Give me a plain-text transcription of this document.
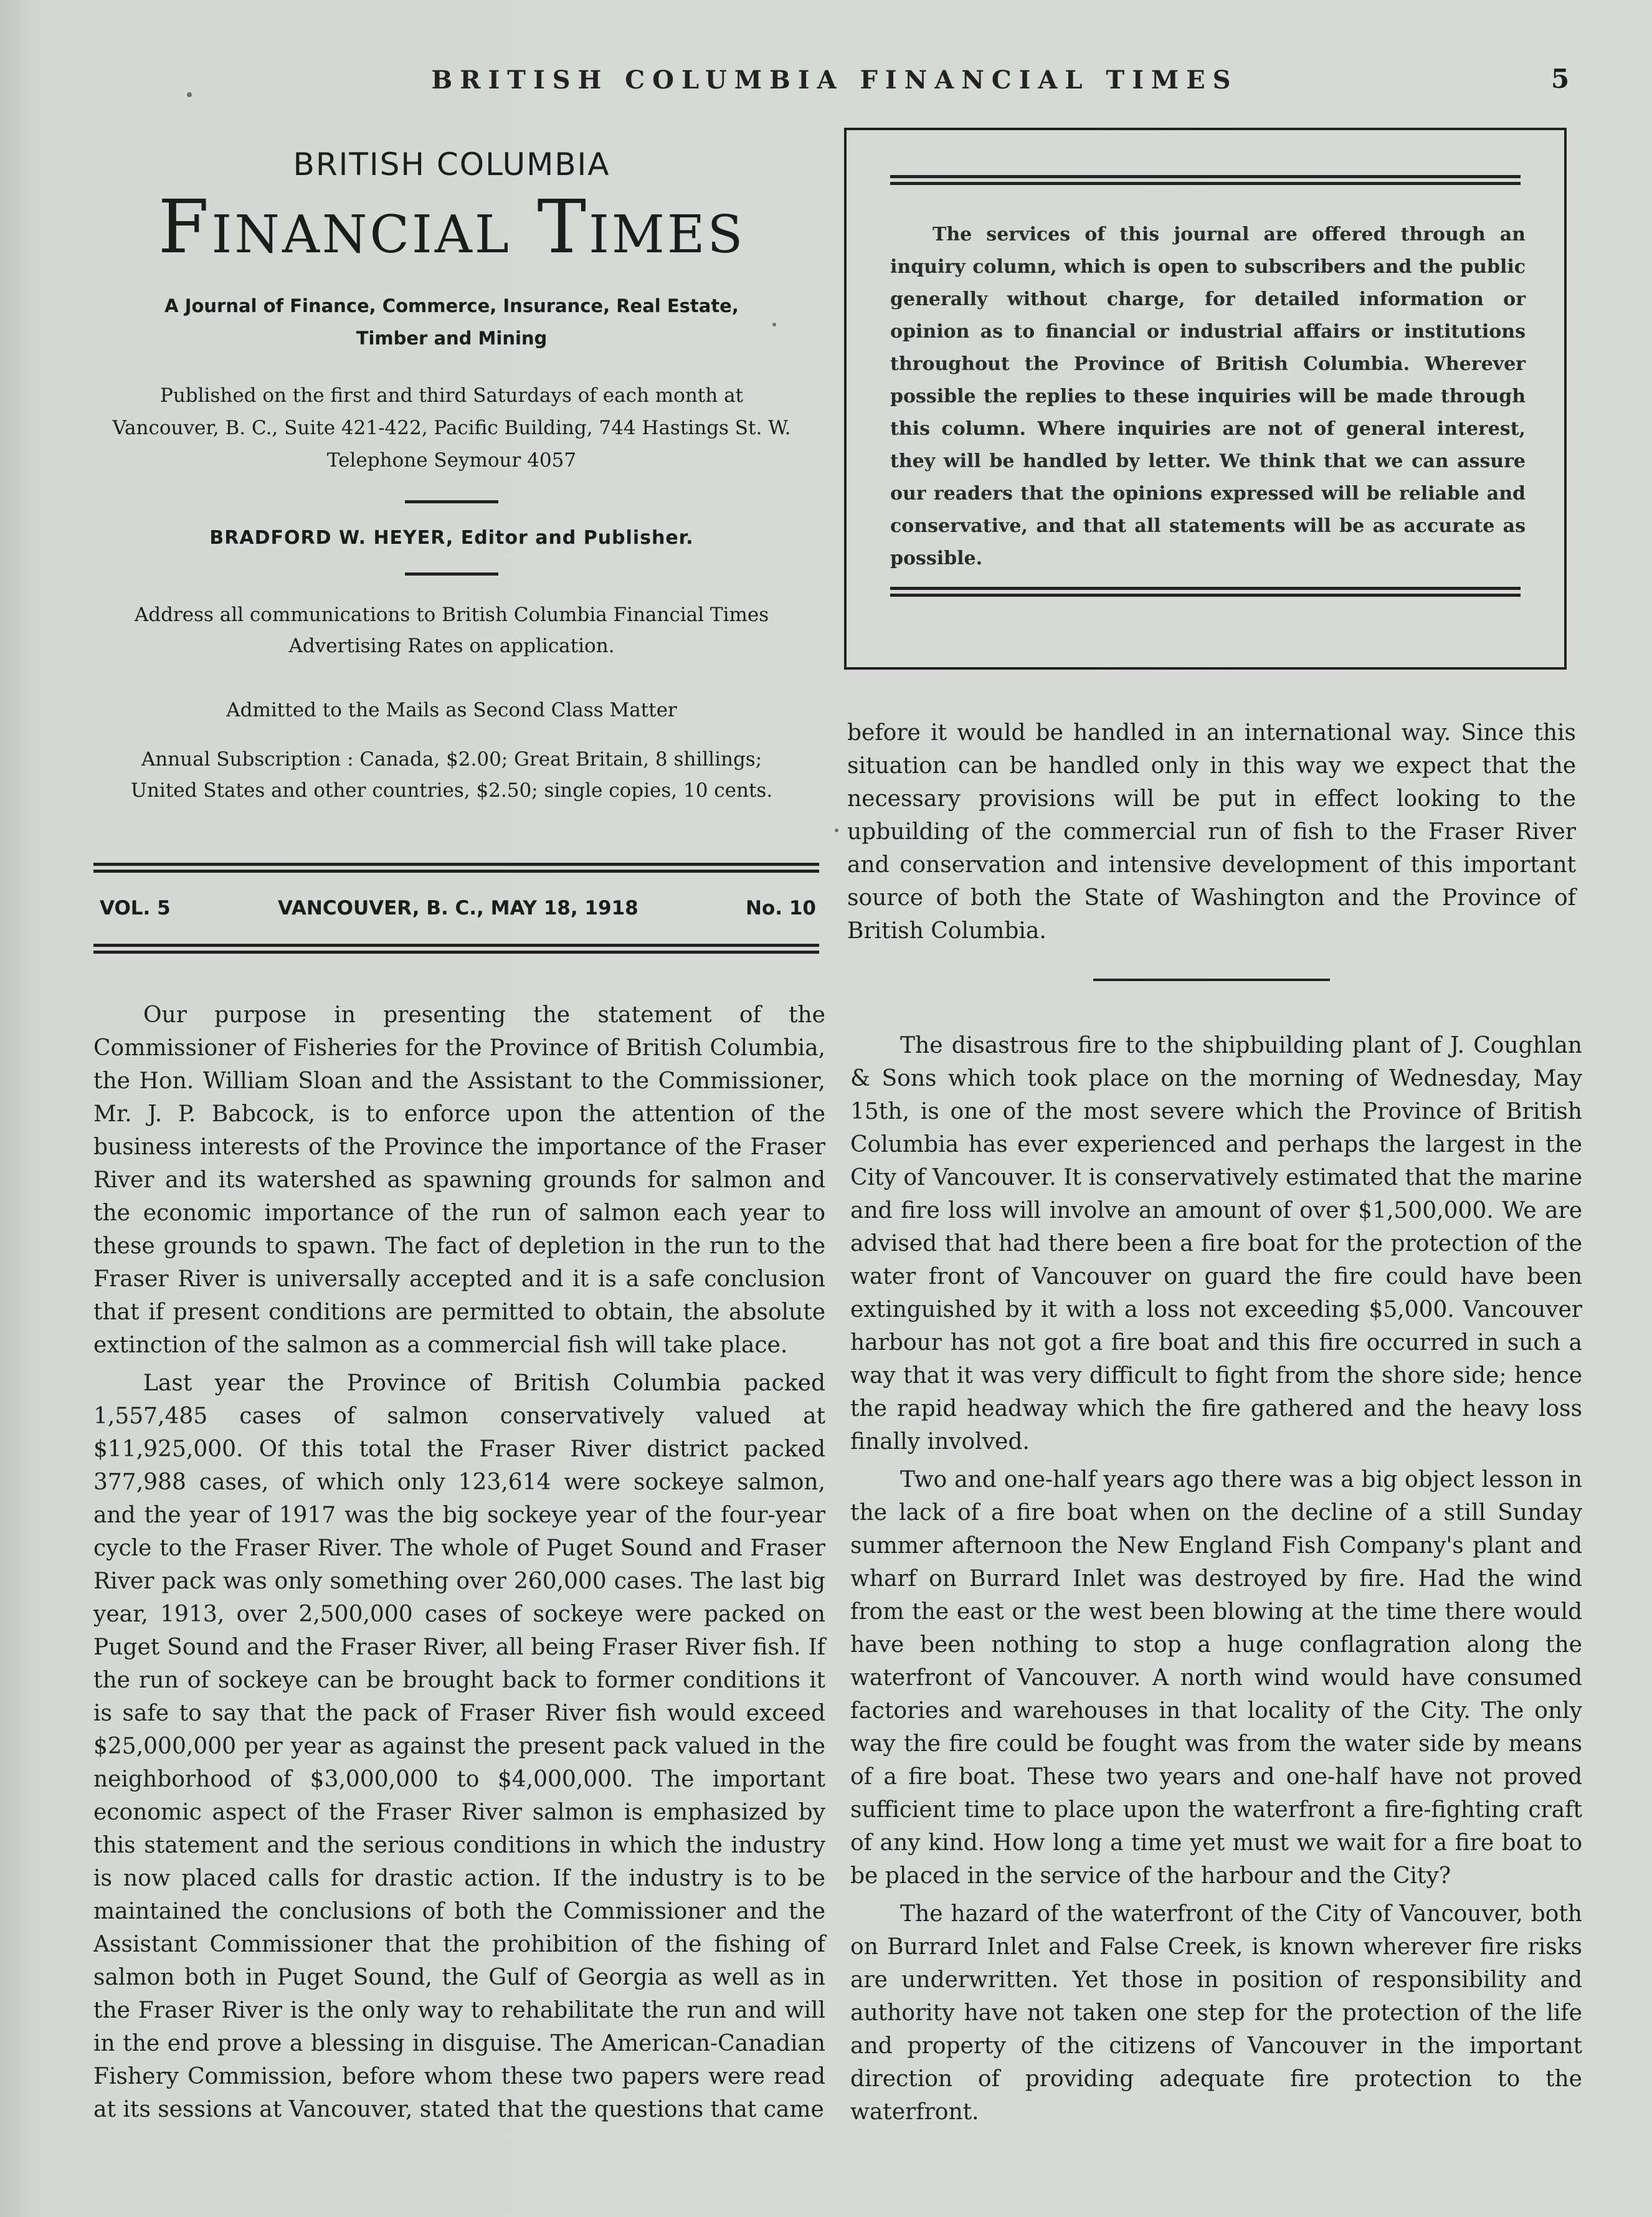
BRITISH COLUMBIA FINANCIAL TIMES	5
BRITISH COLUMBIA
Financial Times
A Journal of Finance, Commerce, Insurance, Real Estate,
Timber and Mining
Published on the first and third Saturdays of each month at
Vancouver, B. C., Suite 421-422, Pacific Building, 744 Hastings St. W.
Telephone Seymour 4057
BRADFORD W. HEYER, Editor and Publisher.
Address all communications to British Columbia Financial Times
Advertising Rates on application.
Admitted to the Mails as Second Class Matter
Annual Subscription : Canada, $2.00; Great Britain, 8 shillings;
United States and other countries, $2.50; single copies, 10 cents.
VOL. 5	VANCOUVER, B. C., MAY 18, 1918	No. 10
The services of this journal are offered through an inquiry column, which is open to subscribers and the public generally without charge, for detailed information or opinion as to financial or industrial affairs or institutions throughout the Province of British Columbia. Wherever possible the replies to these inquiries will be made through this column. Where inquiries are not of general interest, they will be handled by letter. We think that we can assure our readers that the opinions expressed will be reliable and conservative, and that all statements will be as accurate as possible.

Our purpose in presenting the statement of the Commissioner of Fisheries for the Province of British Columbia, the Hon. William Sloan and the Assistant to the Commissioner, Mr. J. P. Babcock, is to enforce upon the attention of the business interests of the Province the importance of the Fraser River and its watershed as spawning grounds for salmon and the economic importance of the run of salmon each year to these grounds to spawn. The fact of depletion in the run to the Fraser River is universally accepted and it is a safe conclusion that if present conditions are permitted to obtain, the absolute extinction of the salmon as a commercial fish will take place.

Last year the Province of British Columbia packed 1,557,485 cases of salmon conservatively valued at $11,925,000. Of this total the Fraser River district packed 377,988 cases, of which only 123,614 were sockeye salmon, and the year of 1917 was the big sockeye year of the four-year cycle to the Fraser River. The whole of Puget Sound and Fraser River pack was only something over 260,000 cases. The last big year, 1913, over 2,500,000 cases of sockeye were packed on Puget Sound and the Fraser River, all being Fraser River fish. If the run of sockeye can be brought back to former conditions it is safe to say that the pack of Fraser River fish would exceed $25,000,000 per year as against the present pack valued in the neighborhood of $3,000,000 to $4,000,000. The important economic aspect of the Fraser River salmon is emphasized by this statement and the serious conditions in which the industry is now placed calls for drastic action. If the industry is to be maintained the conclusions of both the Commissioner and the Assistant Commissioner that the prohibition of the fishing of salmon both in Puget Sound, the Gulf of Georgia as well as in the Fraser River is the only way to rehabilitate the run and will in the end prove a blessing in disguise. The American-Canadian Fishery Commission, before whom these two papers were read at its sessions at Vancouver, stated that the questions that came

before it would be handled in an international way. Since this situation can be handled only in this way we expect that the necessary provisions will be put in effect looking to the upbuilding of the commercial run of fish to the Fraser River and conservation and intensive development of this important source of both the State of Washington and the Province of British Columbia.

The disastrous fire to the shipbuilding plant of J. Coughlan & Sons which took place on the morning of Wednesday, May 15th, is one of the most severe which the Province of British Columbia has ever experienced and perhaps the largest in the City of Vancouver. It is conservatively estimated that the marine and fire loss will involve an amount of over $1,500,000. We are advised that had there been a fire boat for the protection of the water front of Vancouver on guard the fire could have been extinguished by it with a loss not exceeding $5,000. Vancouver harbour has not got a fire boat and this fire occurred in such a way that it was very difficult to fight from the shore side; hence the rapid headway which the fire gathered and the heavy loss finally involved.

Two and one-half years ago there was a big object lesson in the lack of a fire boat when on the decline of a still Sunday summer afternoon the New England Fish Company's plant and wharf on Burrard Inlet was destroyed by fire. Had the wind from the east or the west been blowing at the time there would have been nothing to stop a huge conflagration along the waterfront of Vancouver. A north wind would have consumed factories and warehouses in that locality of the City. The only way the fire could be fought was from the water side by means of a fire boat. These two years and one-half have not proved sufficient time to place upon the waterfront a fire-fighting craft of any kind. How long a time yet must we wait for a fire boat to be placed in the service of the harbour and the City?

The hazard of the waterfront of the City of Vancouver, both on Burrard Inlet and False Creek, is known wherever fire risks are underwritten. Yet those in position of responsibility and authority have not taken one step for the protection of the life and property of the citizens of Vancouver in the important direction of providing adequate fire protection to the waterfront.
